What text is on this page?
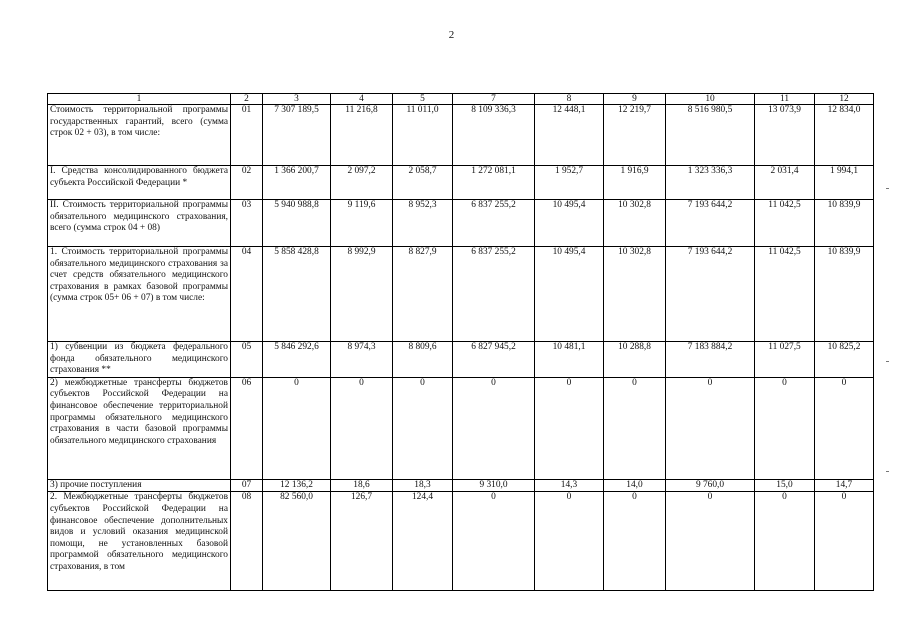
2
1	2	3	4	5	7	8	9	10	11	12
Стоимость территориальной программы государственных гарантий, всего (сумма строк 02 + 03), в том числе:	01	7 307 189,5	11 216,8	11 011,0	8 109 336,3	12 448,1	12 219,7	8 516 980,5	13 073,9	12 834,0
I. Средства консолидированного бюджета субъекта Российской Федерации *	02	1 366 200,7	2 097,2	2 058,7	1 272 081,1	1 952,7	1 916,9	1 323 336,3	2 031,4	1 994,1
II. Стоимость территориальной программы обязательного медицинского страхования, всего (сумма строк 04 + 08)	03	5 940 988,8	9 119,6	8 952,3	6 837 255,2	10 495,4	10 302,8	7 193 644,2	11 042,5	10 839,9
1. Стоимость территориальной программы обязательного медицинского страхования за счет средств обязательного медицинского страхования в рамках базовой программы (сумма строк 05+ 06 + 07) в том числе:	04	5 858 428,8	8 992,9	8 827,9	6 837 255,2	10 495,4	10 302,8	7 193 644,2	11 042,5	10 839,9
1) субвенции из бюджета федерального фонда обязательного медицинского страхования **	05	5 846 292,6	8 974,3	8 809,6	6 827 945,2	10 481,1	10 288,8	7 183 884,2	11 027,5	10 825,2
2) межбюджетные трансферты бюджетов субъектов Российской Федерации на финансовое обеспечение территориальной программы обязательного медицинского страхования в части базовой программы обязательного медицинского страхования	06	0	0	0	0	0	0	0	0	0
3) прочие поступления	07	12 136,2	18,6	18,3	9 310,0	14,3	14,0	9 760,0	15,0	14,7
2. Межбюджетные трансферты бюджетов субъектов Российской Федерации на финансовое обеспечение дополнительных видов и условий оказания медицинской помощи, не установленных базовой программой обязательного медицинского страхования, в том	08	82 560,0	126,7	124,4	0	0	0	0	0	0
